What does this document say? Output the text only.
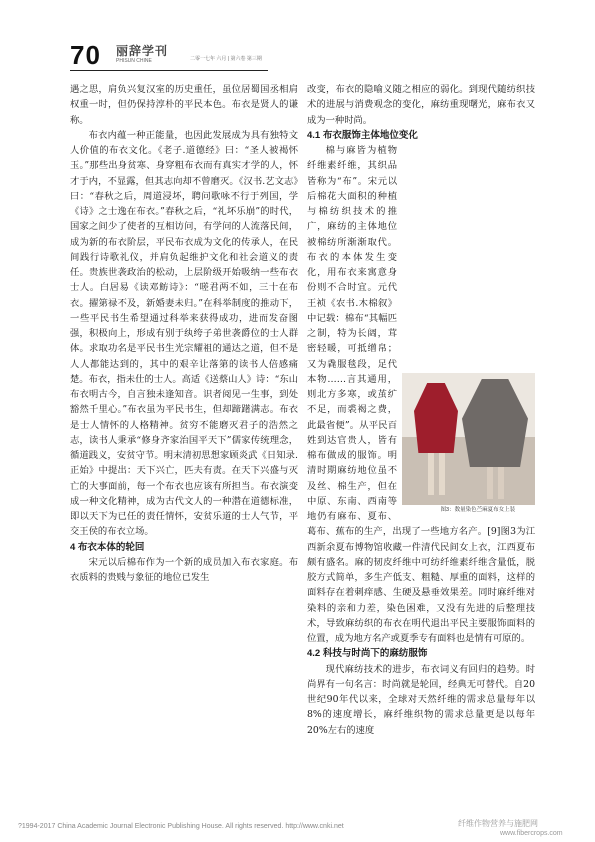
70 丽辞学刊
PHISUN CHINE	二零一七年 六月 | 第六卷 第三期

遇之思，肩负兴复汉室的历史重任，虽位居蜀国丞相肩权重一时，但仍保持淳朴的平民本色。布衣是贤人的谦称。

布衣内蕴一种正能量，也因此发展成为具有独特文人价值的布衣文化。《老子.道德经》曰：“圣人被褐怀玉。”那些出身贫寒、身穿粗布衣而有真实才学的人，怀才于内，不显露，但其志向却不曾磨灭。《汉书.艺文志》曰：“春秋之后，周道浸坏，聘问歌咏不行于列国，学《诗》之士逸在布衣。”春秋之后，“礼坏乐崩”的时代，国家之间少了使者的互相访问，有学问的人流落民间，成为新的布衣阶层，平民布衣成为文化的传承人，在民间践行诗歌礼仪，并肩负起维护文化和社会道义的责任。贵族世袭政治的松动，上层阶级开始吸纳一些布衣士人。白居易《读邓鲂诗》：“嗟君两不如，三十在布衣。擢第禄不及，新婚妻未归。”在科举制度的推动下，一些平民书生希望通过科举来获得成功，进而发奋图强，积极向上，形成有别于纨绔子弟世袭爵位的士人群体。求取功名是平民书生光宗耀祖的通达之道，但不是人人都能达到的，其中的艰辛让落第的读书人倍感痛楚。布衣，指未仕的士人。高适《送蔡山人》诗：“东山布衣明古今，自言独未逢知音。识者阅见一生事，到处豁然千里心。”布衣虽为平民书生，但却蹄躇满志。布衣是士人情怀的人格精神。贫穷不能磨灭君子的浩然之志，读书人秉承“修身齐家治国平天下”儒家传统理念，循道践义，安贫守节。明末清初思想家顾炎武《日知录.正始》中提出：天下兴亡，匹夫有责。在天下兴盛与灭亡的大事面前，每一个布衣也应该有所担当。布衣演变成一种文化精神，成为古代文人的一种潜在道德标准，即以天下为已任的责任情怀，安贫乐道的士人气节，平交王侯的布衣立场。

4 布衣本体的轮回

宋元以后棉布作为一个新的成员加入布衣家庭。布衣质料的贵贱与象征的地位已发生

改变，布衣的隐喻义随之相应的弱化。到现代随纺织技术的进展与消费观念的变化，麻纺重现曙光，麻布衣又成为一种时尚。

4.1 布衣服饰主体地位变化

图3：数量染色苎麻夏布女上装
棉与麻皆为植物纤维素纤维，其织品皆称为“布”。宋元以后棉花大面积的种植与棉纺织技术的推广，麻纺的主体地位被棉纺所渐渐取代。布衣的本体发生变化，用布衣来寓意身份则不合时宜。元代王祯《农书.木棉叙》中记载：棉布“其幅匹之制，特为长阔，茸密轻暖，可抵缯帛；又为毳服毯段，足代本物……言其通用，则北方多寒，或茧纩不足，而裘褐之费，此最省便”。从平民百姓到达官贵人，皆有棉布做成的服饰。明清时期麻纺地位虽不及丝、棉生产，但在中原、东南、西南等地仍有麻布、夏布、葛布、蕉布的生产，出现了一些地方名产。[9]图3为江西新余夏布博物馆收藏一件清代民间女上衣，江西夏布颇有盛名。麻的韧皮纤维中可纺纤维素纤维含量低，脱胶方式简单，多生产低支、粗糙、厚重的面料，这样的面料存在着刺痒感、生硬及悬垂效果差。同时麻纤维对染料的亲和力差，染色困难，又没有先进的后整理技术，导致麻纺织的布衣在明代退出平民主要服饰面料的位置，成为地方名产或夏季专有面料也是情有可原的。

4.2 科技与时尚下的麻纺服饰

现代麻纺技术的进步，布衣词义有回归的趋势。时尚界有一句名言：时尚就是轮回，经典无可替代。自20世纪90年代以来，全球对天然纤维的需求总量每年以8%的速度增长，麻纤维织物的需求总量更是以每年20%左右的速度

?1994-2017 China Academic Journal Electronic Publishing House. All rights reserved. http://www.cnki.net	纤维作物营养与施肥网
www.fibercrops.com
